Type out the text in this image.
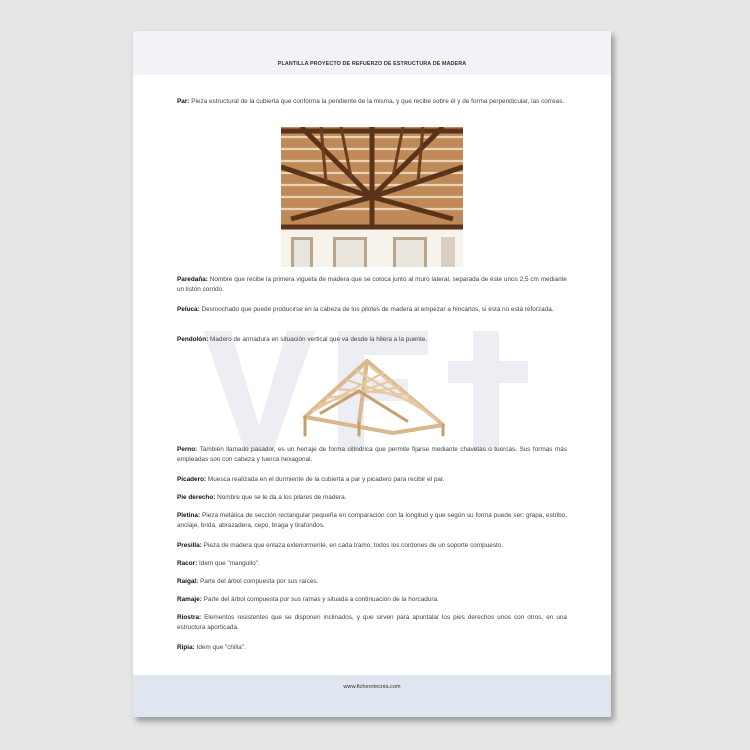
PLANTILLA PROYECTO DE REFUERZO DE ESTRUCTURA DE MADERA
Par: Pieza estructural de la cubierta que conforma la pendiente de la misma, y que recibe sobre él y de forma perpendicular, las correas.
Paredaña: Nombre que recibe la primera vigueta de madera que se coloca junto al muro lateral, separada de éste unos 2,5 cm mediante un listón corrido.
Peluca: Desmochado que puede producirse en la cabeza de los pilotes de madera al empezar a hincarlos, si ésta no está reforzada.
Pendolón: Madero de armadura en situación vertical que va desde la hilera a la puente.
Perno: También llamado pasador, es un herraje de forma cilíndrica que permite fijarse mediante chavetas o tuercas. Sus formas más empleadas son con cabeza y tuerca hexagonal.
Picadero: Muesca realizada en el durmiente de la cubierta a par y picadero para recibir el par.
Pie derecho: Nombre que se le da a los pilares de madera.
Pletina: Pieza metálica de sección rectangular pequeña en comparación con la longitud y que según su forma puede ser: grapa, estribo, anclaje, brida, abrazadera, cepo, braga y tirafondos.
Presilla: Pieza de madera que enlaza exteriormente, en cada tramo, todos los cordones de un soporte compuesto.
Racor: Idem que "mangullo".
Raigal: Parte del árbol compuesta por sus raíces.
Ramaje: Parte del árbol compuesta por sus ramas y situada a continuación de la horcadura.
Riostra: Elementos resistentes que se disponen inclinados, y que sirven para apuntalar los pies derechos unos con otros, en una estructura aporticada.
Ripia: Idem que "chilla".
www.ficherotecnia.com
